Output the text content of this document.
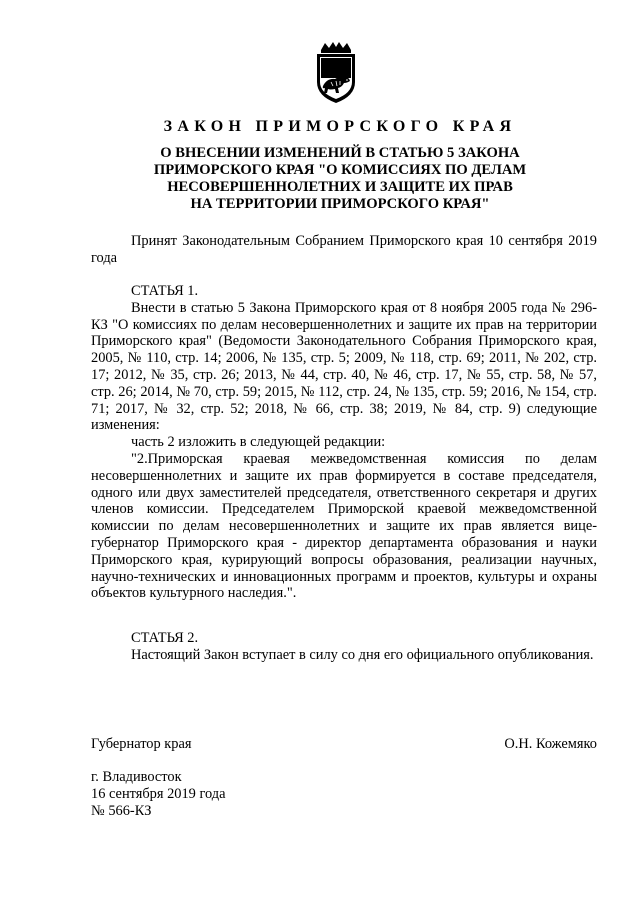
ЗАКОН ПРИМОРСКОГО КРАЯ
О ВНЕСЕНИИ ИЗМЕНЕНИЙ В СТАТЬЮ 5 ЗАКОНА
ПРИМОРСКОГО КРАЯ "О КОМИССИЯХ ПО ДЕЛАМ
НЕСОВЕРШЕННОЛЕТНИХ И ЗАЩИТЕ ИХ ПРАВ
НА ТЕРРИТОРИИ ПРИМОРСКОГО КРАЯ"

Принят Законодательным Собранием Приморского края 10 сентября 2019 года

СТАТЬЯ 1.

Внести в статью 5 Закона Приморского края от 8 ноября 2005 года № 296-КЗ "О комиссиях по делам несовершеннолетних и защите их прав на территории Приморского края" (Ведомости Законодательного Собрания Приморского края, 2005, № 110, стр. 14; 2006, № 135, стр. 5; 2009, № 118, стр. 69; 2011, № 202, стр. 17; 2012, № 35, стр. 26; 2013, № 44, стр. 40, № 46, стр. 17, № 55, стр. 58, № 57, стр. 26; 2014, № 70, стр. 59; 2015, № 112, стр. 24, № 135, стр. 59; 2016, № 154, стр. 71; 2017, № 32, стр. 52; 2018, № 66, стр. 38; 2019, № 84, стр. 9) следующие изменения:

часть 2 изложить в следующей редакции:

"2.Приморская краевая межведомственная комиссия по делам несовершеннолетних и защите их прав формируется в составе председателя, одного или двух заместителей председателя, ответственного секретаря и других членов комиссии. Председателем Приморской краевой межведомственной комиссии по делам несовершеннолетних и защите их прав является вице-губернатор Приморского края - директор департамента образования и науки Приморского края, курирующий вопросы образования, реализации научных, научно-технических и инновационных программ и проектов, культуры и охраны объектов культурного наследия.".

СТАТЬЯ 2.

Настоящий Закон вступает в силу со дня его официального опубликования.

Губернатор края	О.Н. Кожемяко
г. Владивосток
16 сентября 2019 года
№ 566-КЗ
